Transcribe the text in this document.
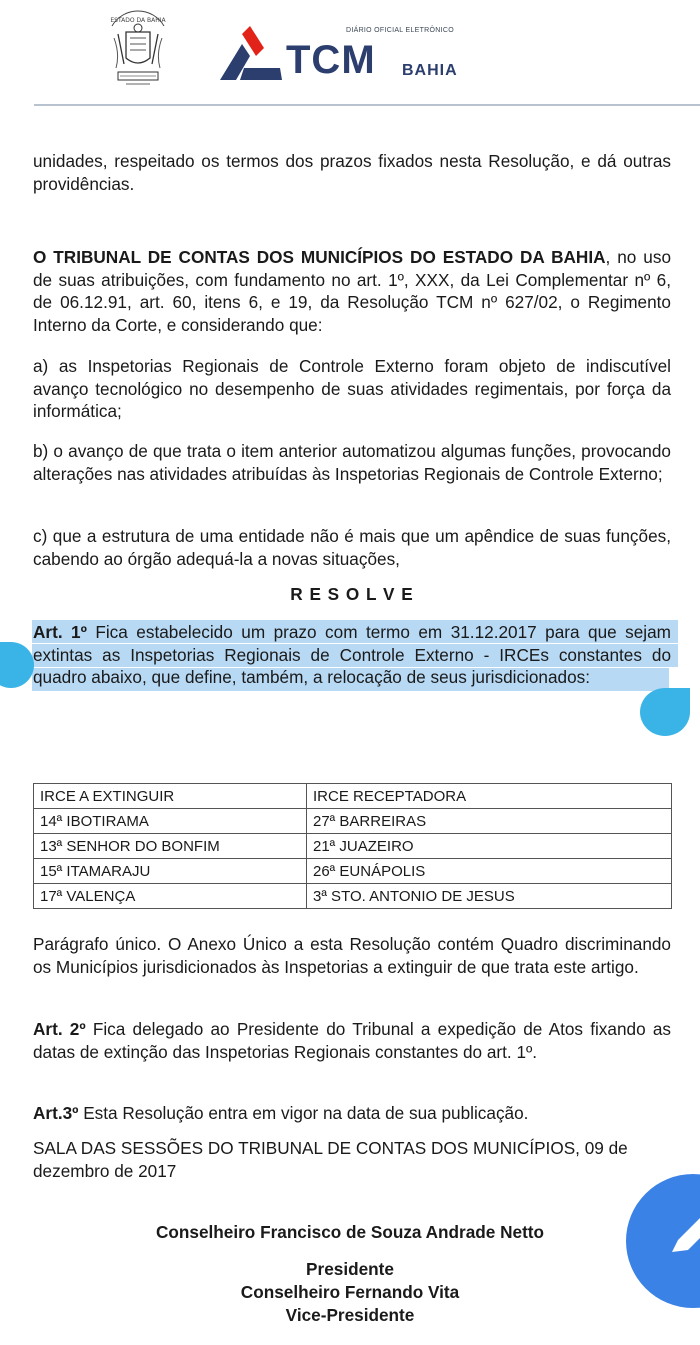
ESTADO DA BAHIA
DIÁRIO OFICIAL ELETRÔNICO
TCM BAHIA
unidades, respeitado os termos dos prazos fixados nesta Resolução, e dá outras providências.
O TRIBUNAL DE CONTAS DOS MUNICÍPIOS DO ESTADO DA BAHIA, no uso de suas atribuições, com fundamento no art. 1º, XXX, da Lei Complementar nº 6, de 06.12.91, art. 60, itens 6, e 19, da Resolução TCM nº 627/02, o Regimento Interno da Corte, e considerando que:
a) as Inspetorias Regionais de Controle Externo foram objeto de indiscutível avanço tecnológico no desempenho de suas atividades regimentais, por força da informática;
b) o avanço de que trata o item anterior automatizou algumas funções, provocando alterações nas atividades atribuídas às Inspetorias Regionais de Controle Externo;
c) que a estrutura de uma entidade não é mais que um apêndice de suas funções, cabendo ao órgão adequá-la a novas situações,
R E S O L V E
Art. 1º Fica estabelecido um prazo com termo em 31.12.2017 para que sejam extintas as Inspetorias Regionais de Controle Externo - IRCEs constantes do quadro abaixo, que define, também, a relocação de seus jurisdicionados:
IRCE A EXTINGUIR	IRCE RECEPTADORA
14ª IBOTIRAMA	27ª BARREIRAS
13ª SENHOR DO BONFIM	21ª JUAZEIRO
15ª ITAMARAJU	26ª EUNÁPOLIS
17ª VALENÇA	3ª STO. ANTONIO DE JESUS
Parágrafo único. O Anexo Único a esta Resolução contém Quadro discriminando os Municípios jurisdicionados às Inspetorias a extinguir de que trata este artigo.
Art. 2º Fica delegado ao Presidente do Tribunal a expedição de Atos fixando as datas de extinção das Inspetorias Regionais constantes do art. 1º.
Art.3º Esta Resolução entra em vigor na data de sua publicação.
SALA DAS SESSÕES DO TRIBUNAL DE CONTAS DOS MUNICÍPIOS, 09 de dezembro de 2017
Conselheiro Francisco de Souza Andrade Netto
Presidente
Conselheiro Fernando Vita
Vice-Presidente
